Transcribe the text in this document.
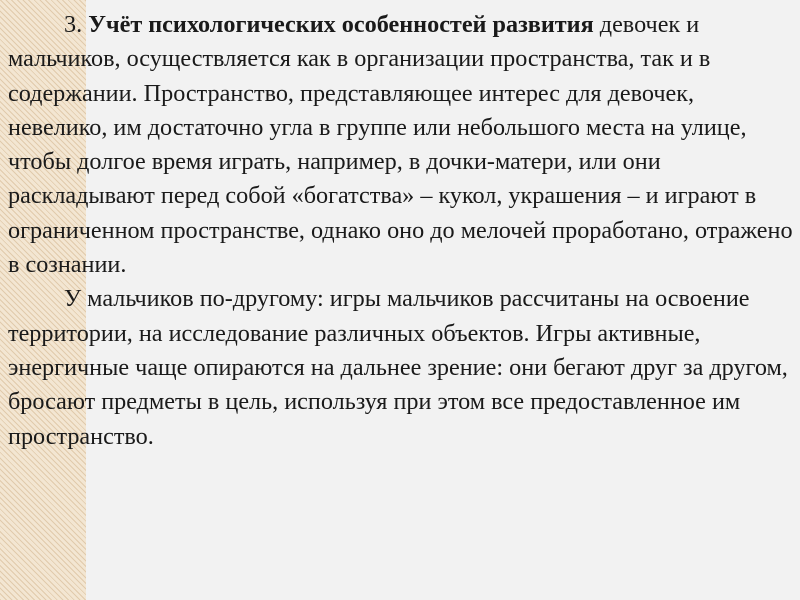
3. Учёт психологических особенностей развития девочек и мальчиков, осуществляется как в организации пространства, так и в содержании. Пространство, представляющее интерес для девочек, невелико, им достаточно угла в группе или небольшого места на улице, чтобы долгое время играть, например, в дочки-матери, или они раскладывают перед собой «богатства» – кукол, украшения – и играют в ограниченном пространстве, однако оно до мелочей проработано, отражено в сознании.

У мальчиков по-другому: игры мальчиков рассчитаны на освоение территории, на исследование различных объектов. Игры активные, энергичные чаще опираются на дальнее зрение: они бегают друг за другом, бросают предметы в цель, используя при этом все предоставленное им пространство.
